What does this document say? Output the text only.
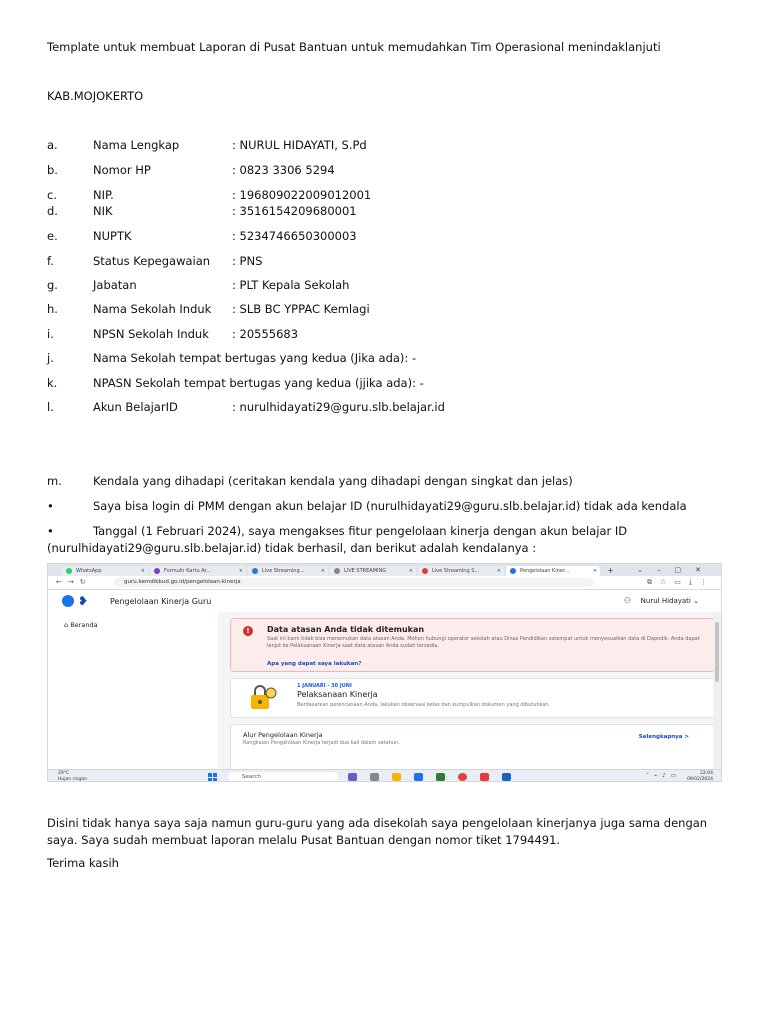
Template untuk membuat Laporan di Pusat Bantuan untuk memudahkan Tim Operasional menindaklanjuti
KAB.MOJOKERTO
a.	Nama Lengkap	: NURUL HIDAYATI, S.Pd
b.	Nomor HP	: 0823 3306 5294
c.	NIP.	: 196809022009012001
d.	NIK	: 3516154209680001
e.	NUPTK	: 5234746650300003
f.	Status Kepegawaian : PNS
g.	Jabatan	: PLT Kepala Sekolah
h.	Nama Sekolah Induk : SLB BC YPPAC Kemlagi
i.	NPSN Sekolah Induk : 20555683
j.	Nama Sekolah tempat bertugas yang kedua (Jika ada): -
k.	NPASN Sekolah tempat bertugas yang kedua (jjika ada): -
l.	Akun BelajarID	: nurulhidayati29@guru.slb.belajar.id
m.	Kendala yang dihadapi (ceritakan kendala yang dihadapi dengan singkat dan jelas)
•	Saya bisa login di PMM dengan akun belajar ID (nurulhidayati29@guru.slb.belajar.id) tidak ada kendala
•	Tanggal (1 Februari 2024), saya mengakses fitur pengelolaan kinerja dengan akun belajar ID
(nurulhidayati29@guru.slb.belajar.id) tidak berhasil, dan berikut adalah kendalanya :
WhatsApp	×	Formulir Kartu Ar...	×	Live Streaming...	×	LIVE STREAMING	×	Live Streaming S...	×	Pengelolaan Kiner...	×	+	⌄–▢✕
←→↻	guru.kemdikbud.go.id/pengelolaan-kinerja	⧉☆▭⤓⋮
❥	Pengelolaan Kinerja Guru	⚇ Nurul Hidayati ⌄
⌂ Beranda
!	Data atasan Anda tidak ditemukan
Saat ini kami tidak bisa menemukan data atasan Anda. Mohon hubungi operator sekolah atau Dinas Pendidikan setempat untuk menyesuaikan data di Dapodik. Anda dapat lanjut ke Pelaksanaan Kinerja saat data atasan Anda sudah tersedia.
Apa yang dapat saya lakukan?
1 JANUARI - 30 JUNI
Pelaksanaan Kinerja
Berdasarkan perencanaan Anda, lakukan observasi kelas dan kumpulkan dokumen yang dibutuhkan.
Alur Pengelolaan Kinerja
Rangkaian Pengelolaan Kinerja terjadi dua kali dalam setahun.
Selengkapnya >
29°C
Hujan ringan	Search	˄⌁♪▭	22:04
09/02/2024
Disini tidak hanya saya saja namun guru-guru yang ada disekolah saya pengelolaan kinerjanya juga sama dengan saya. Saya sudah membuat laporan melalu Pusat Bantuan dengan nomor tiket 1794491.
Terima kasih
